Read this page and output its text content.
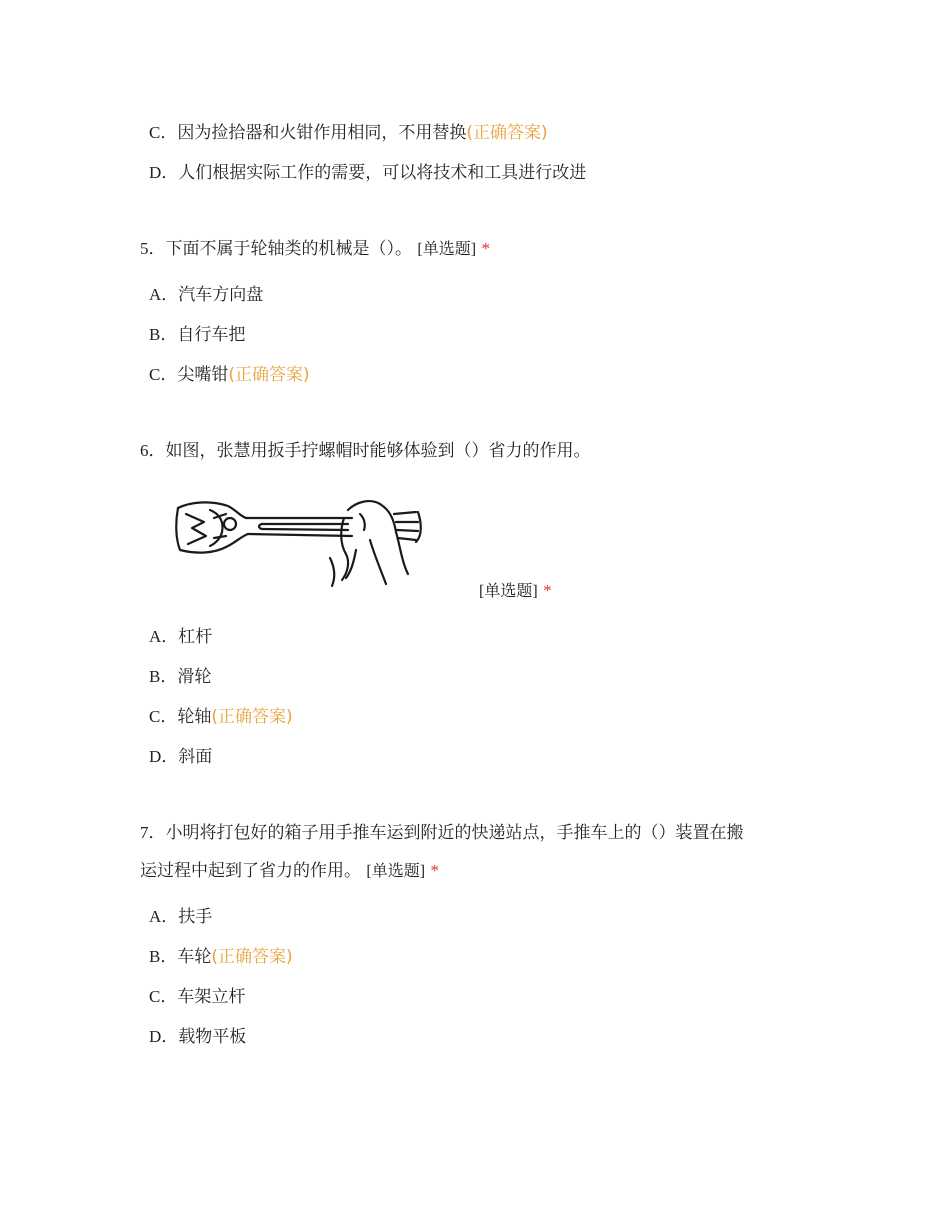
C．因为捡拾器和火钳作用相同，不用替换(正确答案)
D．人们根据实际工作的需要，可以将技术和工具进行改进
5．下面不属于轮轴类的机械是（）。 [单选题] *
A．汽车方向盘
B．自行车把
C．尖嘴钳(正确答案)
6．如图，张慧用扳手拧螺帽时能够体验到（）省力的作用。
[单选题] *
A．杠杆
B．滑轮
C．轮轴(正确答案)
D．斜面
7．小明将打包好的箱子用手推车运到附近的快递站点，手推车上的（）装置在搬
运过程中起到了省力的作用。 [单选题] *
A．扶手
B．车轮(正确答案)
C．车架立杆
D．载物平板
